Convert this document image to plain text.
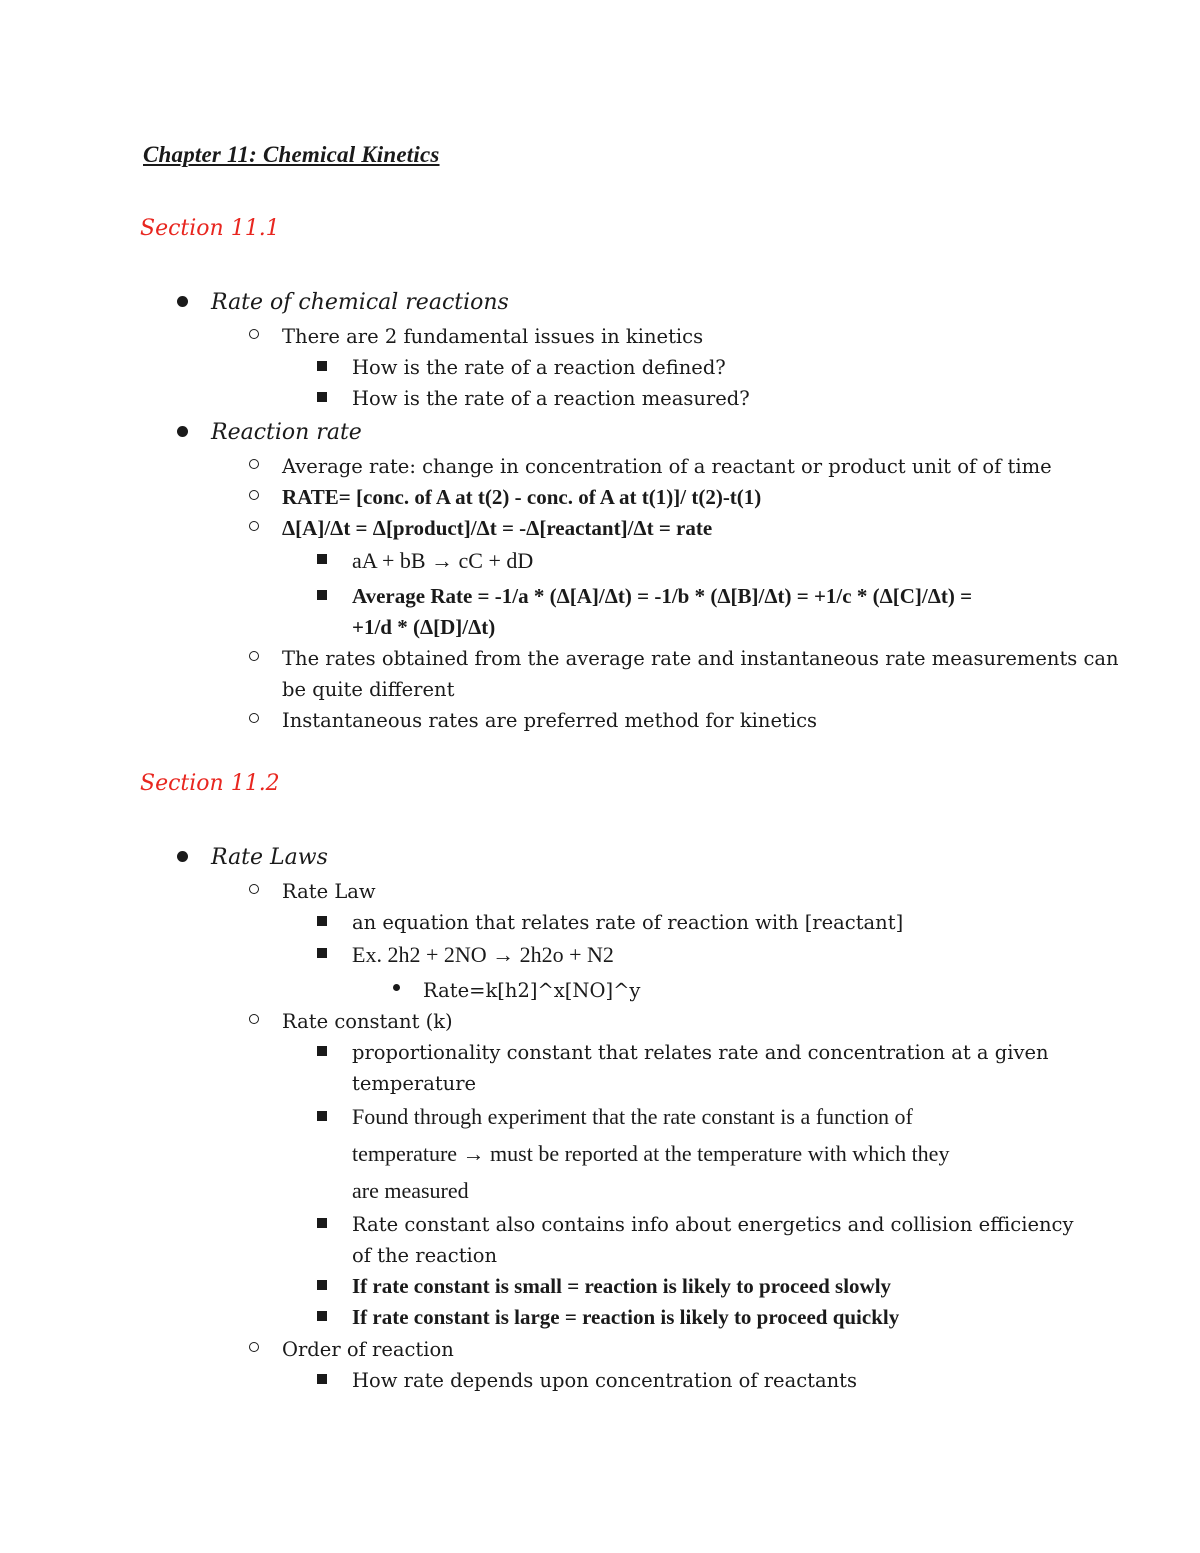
Chapter 11: Chemical Kinetics
Section 11.1
Rate of chemical reactions
There are 2 fundamental issues in kinetics
How is the rate of a reaction defined?
How is the rate of a reaction measured?
Reaction rate
Average rate: change in concentration of a reactant or product unit of of time
RATE= [conc. of A at t(2) - conc. of A at t(1)]/ t(2)-t(1)
Δ[A]/Δt = Δ[product]/Δt = -Δ[reactant]/Δt = rate
aA + bB → cC + dD
Average Rate = -1/a * (Δ[A]/Δt) = -1/b * (Δ[B]/Δt) = +1/c * (Δ[C]/Δt) =
+1/d * (Δ[D]/Δt)
The rates obtained from the average rate and instantaneous rate measurements can
be quite different
Instantaneous rates are preferred method for kinetics
Section 11.2
Rate Laws
Rate Law
an equation that relates rate of reaction with [reactant]
Ex. 2h2 + 2NO → 2h2o + N2
Rate=k[h2]^x[NO]^y
Rate constant (k)
proportionality constant that relates rate and concentration at a given
temperature
Found through experiment that the rate constant is a function of
temperature → must be reported at the temperature with which they
are measured
Rate constant also contains info about energetics and collision efficiency
of the reaction
If rate constant is small = reaction is likely to proceed slowly
If rate constant is large = reaction is likely to proceed quickly
Order of reaction
How rate depends upon concentration of reactants
